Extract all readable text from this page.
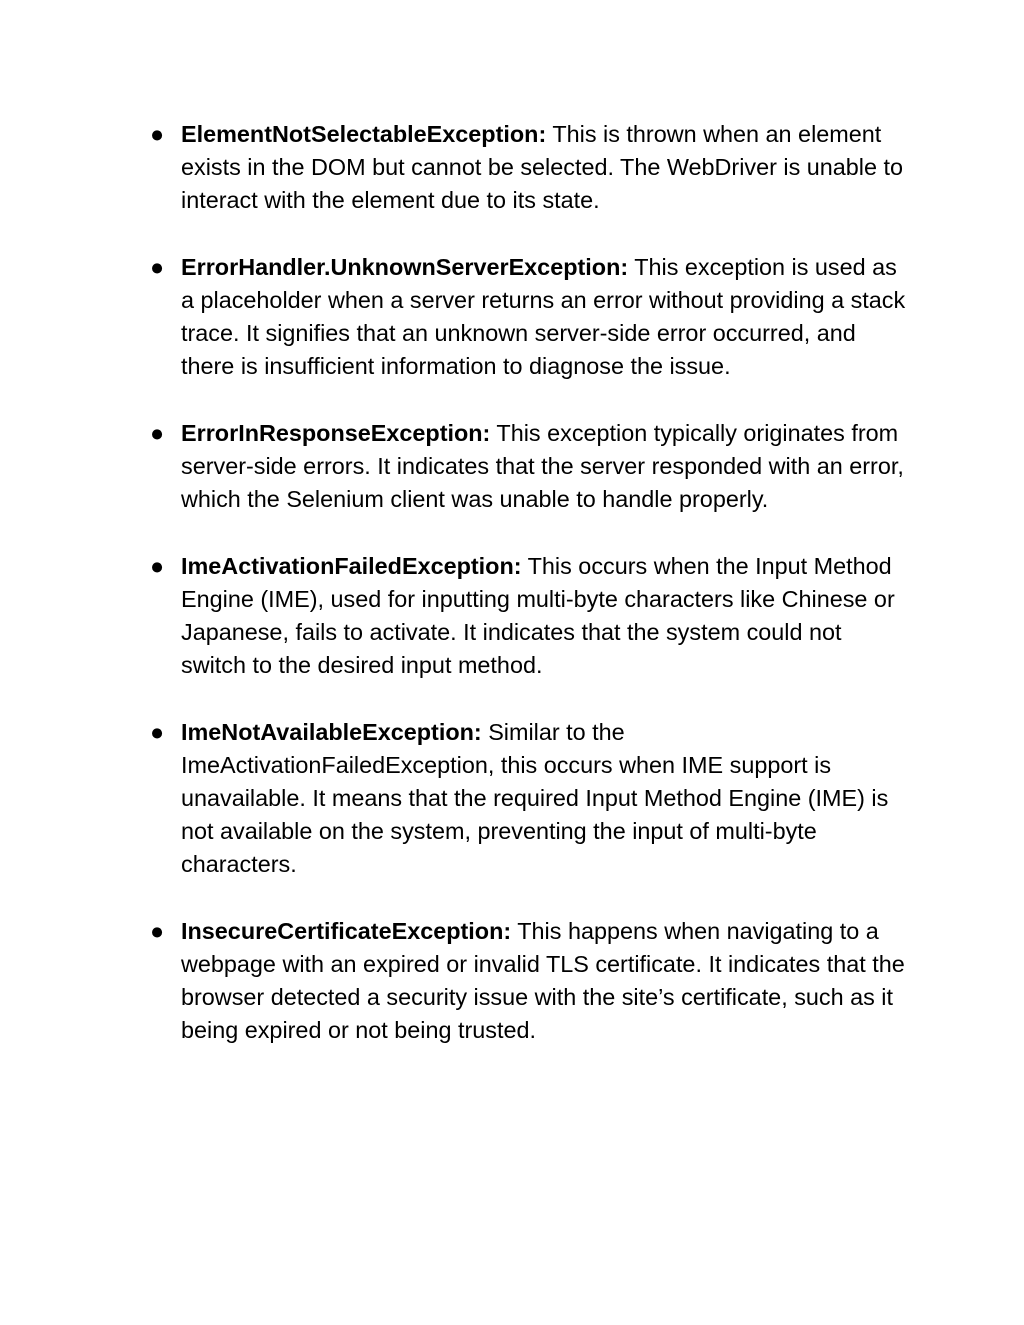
● ElementNotSelectableException: This is thrown when an element exists in the DOM but cannot be selected. The WebDriver is unable to interact with the element due to its state.
● ErrorHandler.UnknownServerException: This exception is used as a placeholder when a server returns an error without providing a stack trace. It signifies that an unknown server-side error occurred, and there is insufficient information to diagnose the issue.
● ErrorInResponseException: This exception typically originates from server-side errors. It indicates that the server responded with an error, which the Selenium client was unable to handle properly.
● ImeActivationFailedException: This occurs when the Input Method Engine (IME), used for inputting multi-byte characters like Chinese or Japanese, fails to activate. It indicates that the system could not switch to the desired input method.
● ImeNotAvailableException: Similar to the ImeActivationFailedException, this occurs when IME support is unavailable. It means that the required Input Method Engine (IME) is not available on the system, preventing the input of multi-byte characters.
● InsecureCertificateException: This happens when navigating to a webpage with an expired or invalid TLS certificate. It indicates that the browser detected a security issue with the site’s certificate, such as it being expired or not being trusted.
